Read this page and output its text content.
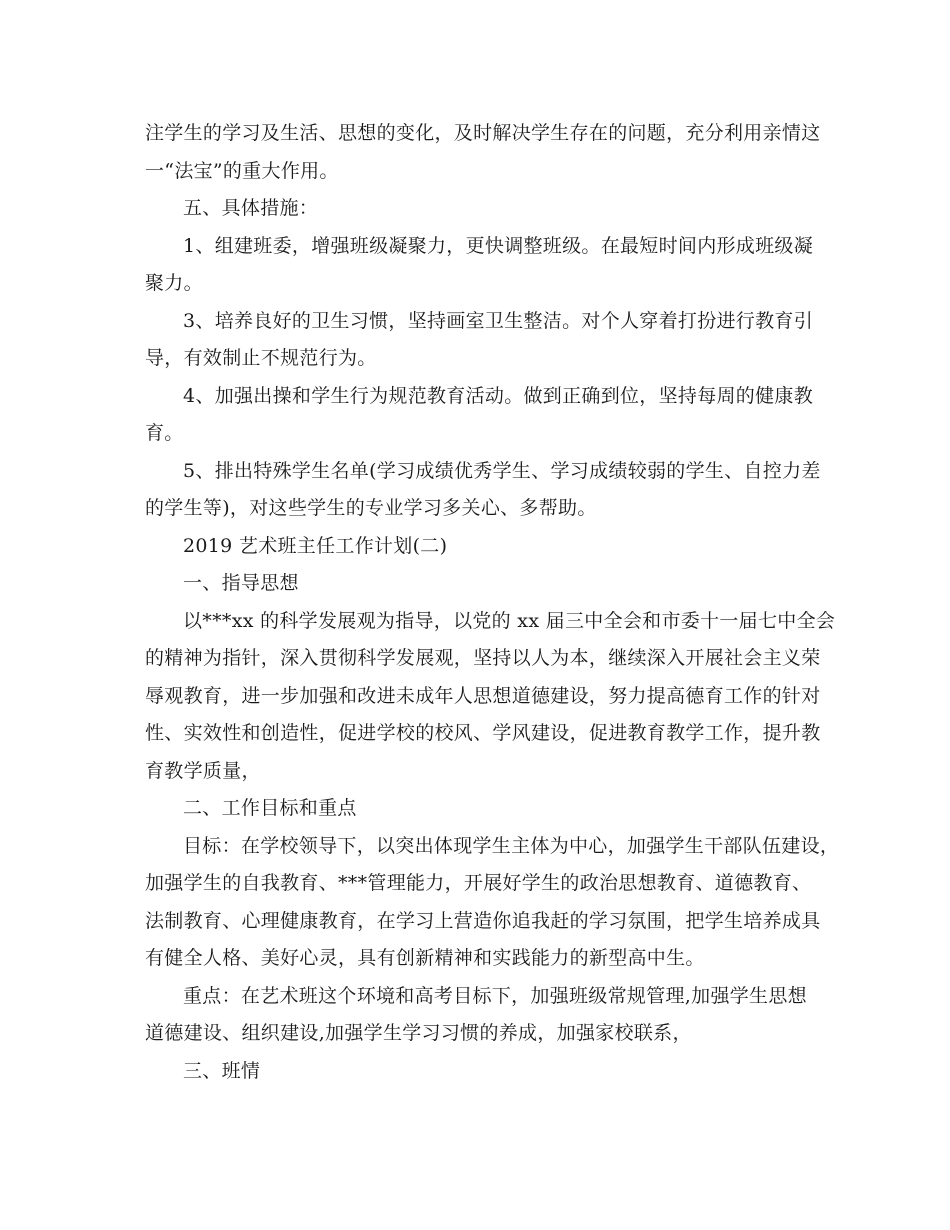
注学生的学习及生活、思想的变化，及时解决学生存在的问题，充分利用亲情这
一“法宝”的重大作用。
五、具体措施：
1、组建班委，增强班级凝聚力，更快调整班级。在最短时间内形成班级凝
聚力。
3、培养良好的卫生习惯，坚持画室卫生整洁。对个人穿着打扮进行教育引
导，有效制止不规范行为。
4、加强出操和学生行为规范教育活动。做到正确到位，坚持每周的健康教
育。
5、排出特殊学生名单(学习成绩优秀学生、学习成绩较弱的学生、自控力差
的学生等)，对这些学生的专业学习多关心、多帮助。
2019 艺术班主任工作计划(二)
一、指导思想
以***xx 的科学发展观为指导，以党的 xx 届三中全会和市委十一届七中全会
的精神为指针，深入贯彻科学发展观，坚持以人为本，继续深入开展社会主义荣
辱观教育，进一步加强和改进未成年人思想道德建设，努力提高德育工作的针对
性、实效性和创造性，促进学校的校风、学风建设，促进教育教学工作，提升教
育教学质量，
二、工作目标和重点
目标：在学校领导下，以突出体现学生主体为中心，加强学生干部队伍建设，
加强学生的自我教育、***管理能力，开展好学生的政治思想教育、道德教育、
法制教育、心理健康教育，在学习上营造你追我赶的学习氛围，把学生培养成具
有健全人格、美好心灵，具有创新精神和实践能力的新型高中生。
重点：在艺术班这个环境和高考目标下，加强班级常规管理,加强学生思想
道德建设、组织建设,加强学生学习习惯的养成，加强家校联系，
三、班情
